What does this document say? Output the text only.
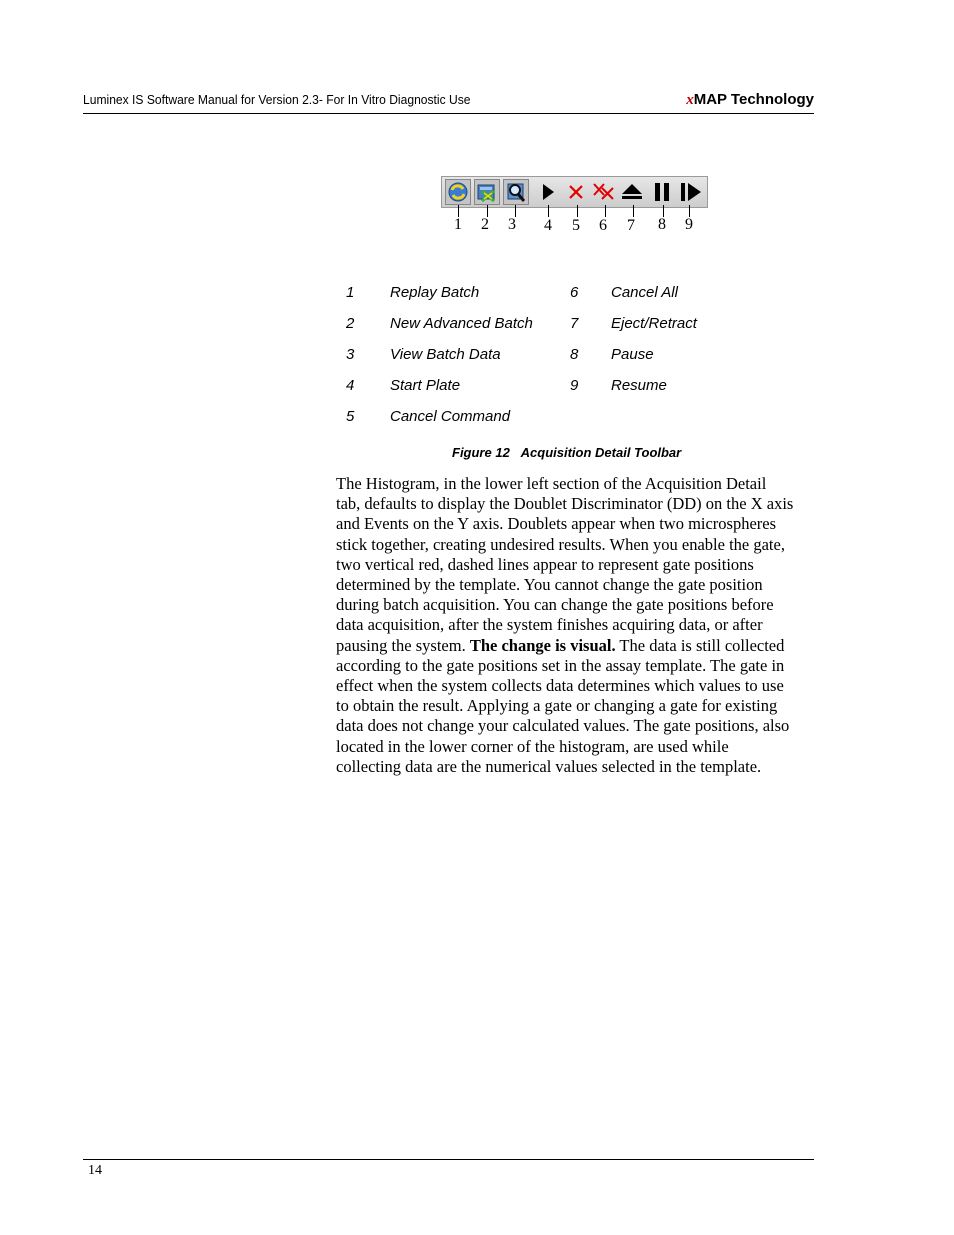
Luminex IS Software Manual for Version 2.3- For In Vitro Diagnostic Use	xMAP Technology
1 2 3 4 5 6 7 8 9
1 Replay Batch
2 New Advanced Batch
3 View Batch Data
4 Start Plate
5 Cancel Command
6 Cancel All
7 Eject/Retract
8 Pause
9 Resume
Figure 12 Acquisition Detail Toolbar
The Histogram, in the lower left section of the Acquisition Detail
tab, defaults to display the Doublet Discriminator (DD) on the X axis
and Events on the Y axis. Doublets appear when two microspheres
stick together, creating undesired results. When you enable the gate,
two vertical red, dashed lines appear to represent gate positions
determined by the template. You cannot change the gate position
during batch acquisition. You can change the gate positions before
data acquisition, after the system finishes acquiring data, or after
pausing the system. The change is visual. The data is still collected
according to the gate positions set in the assay template. The gate in
effect when the system collects data determines which values to use
to obtain the result. Applying a gate or changing a gate for existing
data does not change your calculated values. The gate positions, also
located in the lower corner of the histogram, are used while
collecting data are the numerical values selected in the template.
14
